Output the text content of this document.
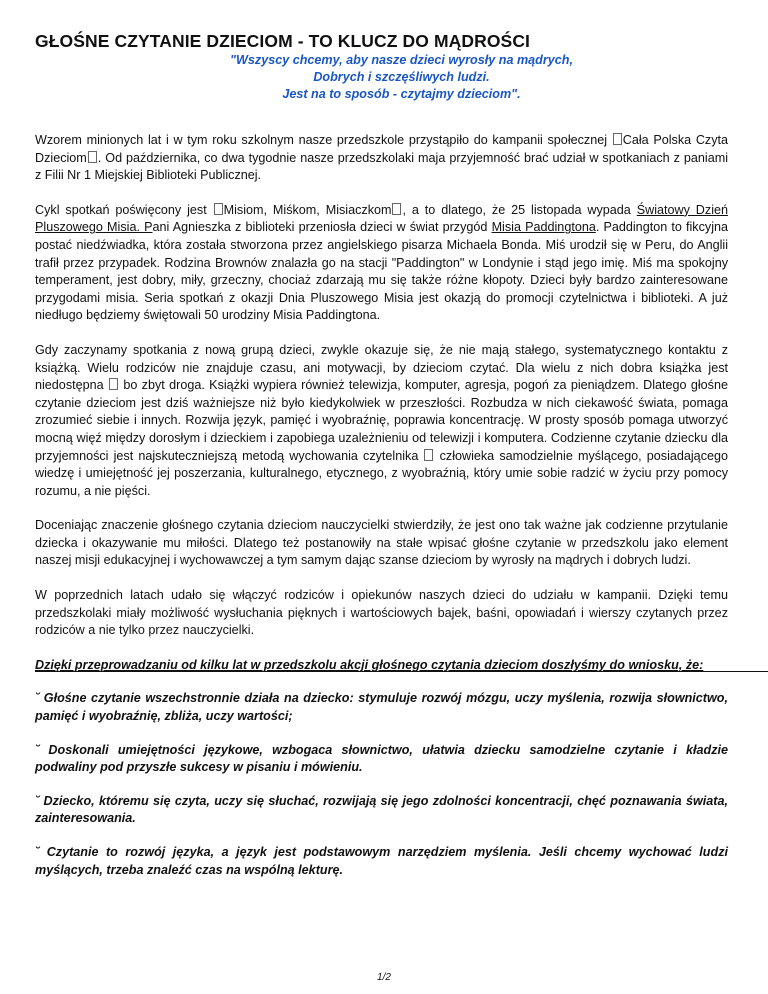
GŁOŚNE CZYTANIE DZIECIOM - TO KLUCZ DO MĄDROŚCI
"Wszyscy chcemy, aby nasze dzieci wyrosły na mądrych,
Dobrych i szczęśliwych ludzi.
Jest na to sposób - czytajmy dzieciom".

Wzorem minionych lat i w tym roku szkolnym nasze przedszkole przystąpiło do kampanii społecznej Cała Polska Czyta Dzieciom . Od października, co dwa tygodnie nasze przedszkolaki maja przyjemność brać udział w spotkaniach z paniami z Filii Nr 1 Miejskiej Biblioteki Publicznej.

Cykl spotkań poświęcony jest Misiom, Miśkom, Misiaczkom , a to dlatego, że 25 listopada wypada Światowy Dzień Pluszowego Misia. Pani Agnieszka z biblioteki przeniosła dzieci w świat przygód Misia Paddingtona. Paddington to fikcyjna postać niedźwiadka, która została stworzona przez angielskiego pisarza Michaela Bonda. Miś urodził się w Peru, do Anglii trafił przez przypadek. Rodzina Brownów znalazła go na stacji "Paddington" w Londynie i stąd jego imię. Miś ma spokojny temperament, jest dobry, miły, grzeczny, chociaż zdarzają mu się także różne kłopoty. Dzieci były bardzo zainteresowane przygodami misia. Seria spotkań z okazji Dnia Pluszowego Misia jest okazją do promocji czytelnictwa i biblioteki. A już niedługo będziemy świętowali 50 urodziny Misia Paddingtona.

Gdy zaczynamy spotkania z nową grupą dzieci, zwykle okazuje się, że nie mają stałego, systematycznego kontaktu z książką. Wielu rodziców nie znajduje czasu, ani motywacji, by dzieciom czytać. Dla wielu z nich dobra książka jest niedostępna  bo zbyt droga. Książki wypiera również telewizja, komputer, agresja, pogoń za pieniądzem. Dlatego głośne czytanie dzieciom jest dziś ważniejsze niż było kiedykolwiek w przeszłości. Rozbudza w nich ciekawość świata, pomaga zrozumieć siebie i innych. Rozwija język, pamięć i wyobraźnię, poprawia koncentrację. W prosty sposób pomaga utworzyć mocną więź między dorosłym i dzieckiem i zapobiega uzależnieniu od telewizji i komputera. Codzienne czytanie dziecku dla przyjemności jest najskuteczniejszą metodą wychowania czytelnika  człowieka samodzielnie myślącego, posiadającego wiedzę i umiejętność jej poszerzania, kulturalnego, etycznego, z wyobraźnią, który umie sobie radzić w życiu przy pomocy rozumu, a nie pięści.

Doceniając znaczenie głośnego czytania dzieciom nauczycielki stwierdziły, że jest ono tak ważne jak codzienne przytulanie dziecka i okazywanie mu miłości. Dlatego też postanowiły na stałe wpisać głośne czytanie w przedszkolu jako element naszej misji edukacyjnej i wychowawczej a tym samym dając szanse dzieciom by wyrosły na mądrych i dobrych ludzi.

W poprzednich latach udało się włączyć rodziców i opiekunów naszych dzieci do udziału w kampanii. Dzięki temu przedszkolaki miały możliwość wysłuchania pięknych i wartościowych bajek, baśni, opowiadań i wierszy czytanych przez rodziców a nie tylko przez nauczycielki.

Dzięki przeprowadzaniu od kilku lat w przedszkolu akcji głośnego czytania dzieciom doszłyśmy do wniosku, że:

˘ Głośne czytanie wszechstronnie działa na dziecko: stymuluje rozwój mózgu, uczy myślenia, rozwija słownictwo, pamięć i wyobraźnię, zbliża, uczy wartości;

˘ Doskonali umiejętności językowe, wzbogaca słownictwo, ułatwia dziecku samodzielne czytanie i kładzie podwaliny pod przyszłe sukcesy w pisaniu i mówieniu.

˘ Dziecko, któremu się czyta, uczy się słuchać, rozwijają się jego zdolności koncentracji, chęć poznawania świata, zainteresowania.

˘ Czytanie to rozwój języka, a język jest podstawowym narzędziem myślenia. Jeśli chcemy wychować ludzi myślących, trzeba znaleźć czas na wspólną lekturę.

1/2
